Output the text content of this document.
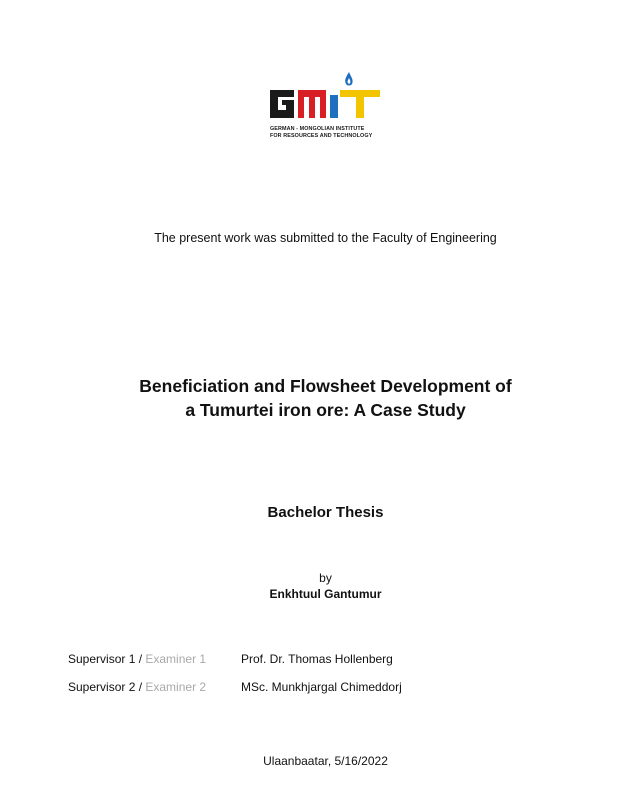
GERMAN - MONGOLIAN INSTITUTE
FOR RESOURCES AND TECHNOLOGY
The present work was submitted to the Faculty of Engineering
Beneficiation and Flowsheet Development of
a Tumurtei iron ore: A Case Study
Bachelor Thesis
by
Enkhtuul Gantumur
Supervisor 1 / Examiner 1	Prof. Dr. Thomas Hollenberg
Supervisor 2 / Examiner 2	MSc. Munkhjargal Chimeddorj
Ulaanbaatar, 5/16/2022
